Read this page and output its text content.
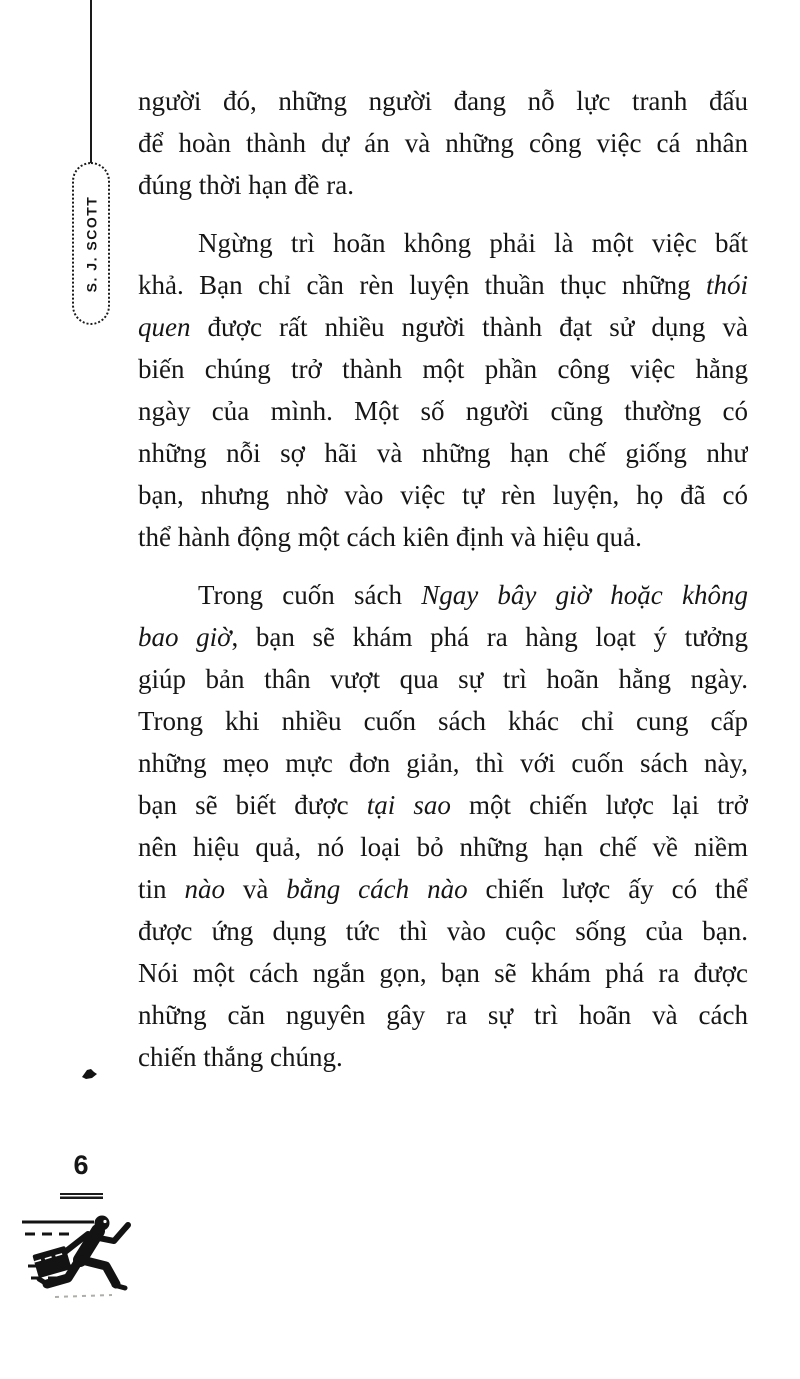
S. J. SCOTT
người đó, những người đang nỗ lực tranh đấu
để hoàn thành dự án và những công việc cá nhân
đúng thời hạn đề ra.
Ngừng trì hoãn không phải là một việc bất
khả. Bạn chỉ cần rèn luyện thuần thục những thói
quen được rất nhiều người thành đạt sử dụng và
biến chúng trở thành một phần công việc hằng
ngày của mình. Một số người cũng thường có
những nỗi sợ hãi và những hạn chế giống như
bạn, nhưng nhờ vào việc tự rèn luyện, họ đã có
thể hành động một cách kiên định và hiệu quả.
Trong cuốn sách Ngay bây giờ hoặc không
bao giờ, bạn sẽ khám phá ra hàng loạt ý tưởng
giúp bản thân vượt qua sự trì hoãn hằng ngày.
Trong khi nhiều cuốn sách khác chỉ cung cấp
những mẹo mực đơn giản, thì với cuốn sách này,
bạn sẽ biết được tại sao một chiến lược lại trở
nên hiệu quả, nó loại bỏ những hạn chế về niềm
tin nào và bằng cách nào chiến lược ấy có thể
được ứng dụng tức thì vào cuộc sống của bạn.
Nói một cách ngắn gọn, bạn sẽ khám phá ra được
những căn nguyên gây ra sự trì hoãn và cách
chiến thắng chúng.
6
